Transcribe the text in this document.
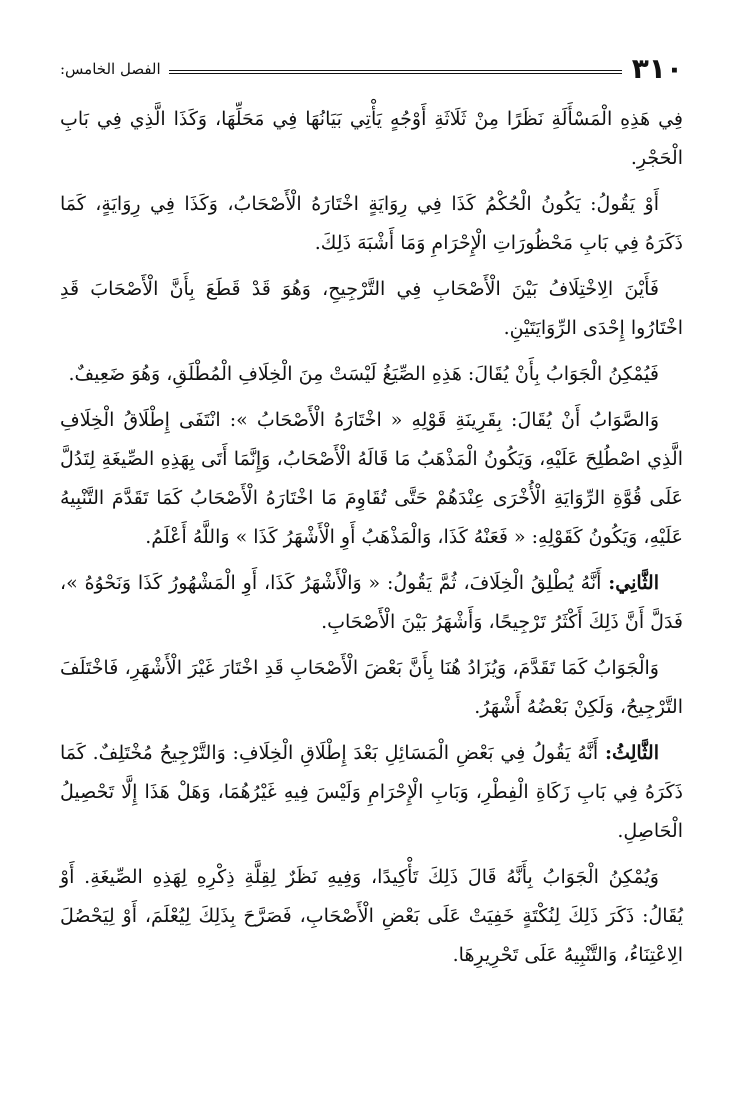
٣١٠
الفصل الخامس:

فِي هَذِهِ الْمَسْأَلَةِ نَظَرًا مِنْ ثَلَاثَةِ أَوْجُهٍ يَأْتِي بَيَانُهَا فِي مَحَلِّهَا، وَكَذَا الَّذِي فِي بَابِ الْحَجْرِ.

أَوْ يَقُولُ: يَكُونُ الْحُكْمُ كَذَا فِي رِوَايَةٍ اخْتَارَهُ الْأَصْحَابُ، وَكَذَا فِي رِوَايَةٍ، كَمَا ذَكَرَهُ فِي بَابِ مَحْظُورَاتِ الْإِحْرَامِ وَمَا أَشْبَهَ ذَلِكَ.

فَأَيْنَ الِاخْتِلَافُ بَيْنَ الْأَصْحَابِ فِي التَّرْجِيحِ، وَهُوَ قَدْ قَطَعَ بِأَنَّ الْأَصْحَابَ قَدِ اخْتَارُوا إِحْدَى الرِّوَايَتَيْنِ.

فَيُمْكِنُ الْجَوَابُ بِأَنْ يُقَالَ: هَذِهِ الصِّيَغُ لَيْسَتْ مِنَ الْخِلَافِ الْمُطْلَقِ، وَهُوَ ضَعِيفٌ.

وَالصَّوَابُ أَنْ يُقَالَ: بِقَرِينَةِ قَوْلِهِ « اخْتَارَهُ الْأَصْحَابُ »: انْتَفَى إِطْلَاقُ الْخِلَافِ الَّذِي اصْطُلِحَ عَلَيْهِ، وَيَكُونُ الْمَذْهَبُ مَا قَالَهُ الْأَصْحَابُ، وَإِنَّمَا أَتَى بِهَذِهِ الصِّيغَةِ لِتَدُلَّ عَلَى قُوَّةِ الرِّوَايَةِ الْأُخْرَى عِنْدَهُمْ حَتَّى تُقَاوِمَ مَا اخْتَارَهُ الْأَصْحَابُ كَمَا تَقَدَّمَ التَّنْبِيهُ عَلَيْهِ، وَيَكُونُ كَقَوْلِهِ: « فَعَنْهُ كَذَا، وَالْمَذْهَبُ أَوِ الْأَشْهَرُ كَذَا » وَاللَّهُ أَعْلَمُ.

الثَّانِي: أَنَّهُ يُطْلِقُ الْخِلَافَ، ثُمَّ يَقُولُ: « وَالْأَشْهَرُ كَذَا، أَوِ الْمَشْهُورُ كَذَا وَنَحْوُهُ »، فَدَلَّ أَنَّ ذَلِكَ أَكْثَرُ تَرْجِيحًا، وَأَشْهَرُ بَيْنَ الْأَصْحَابِ.

وَالْجَوَابُ كَمَا تَقَدَّمَ، وَيُزَادُ هُنَا بِأَنَّ بَعْضَ الْأَصْحَابِ قَدِ اخْتَارَ غَيْرَ الْأَشْهَرِ، فَاخْتَلَفَ التَّرْجِيحُ، وَلَكِنْ بَعْضُهُ أَشْهَرُ.

الثَّالِثُ: أَنَّهُ يَقُولُ فِي بَعْضِ الْمَسَائِلِ بَعْدَ إِطْلَاقِ الْخِلَافِ: وَالتَّرْجِيحُ مُخْتَلِفٌ. كَمَا ذَكَرَهُ فِي بَابِ زَكَاةِ الْفِطْرِ، وَبَابِ الْإِحْرَامِ وَلَيْسَ فِيهِ غَيْرُهُمَا، وَهَلْ هَذَا إِلَّا تَحْصِيلُ الْحَاصِلِ.

وَيُمْكِنُ الْجَوَابُ بِأَنَّهُ قَالَ ذَلِكَ تَأْكِيدًا، وَفِيهِ نَظَرٌ لِقِلَّةِ ذِكْرِهِ لِهَذِهِ الصِّيغَةِ. أَوْ يُقَالُ: ذَكَرَ ذَلِكَ لِنُكْتَةٍ خَفِيَتْ عَلَى بَعْضِ الْأَصْحَابِ، فَصَرَّحَ بِذَلِكَ لِيُعْلَمَ، أَوْ لِيَحْصُلَ الِاعْتِنَاءُ، وَالتَّنْبِيهُ عَلَى تَحْرِيرِهَا.
